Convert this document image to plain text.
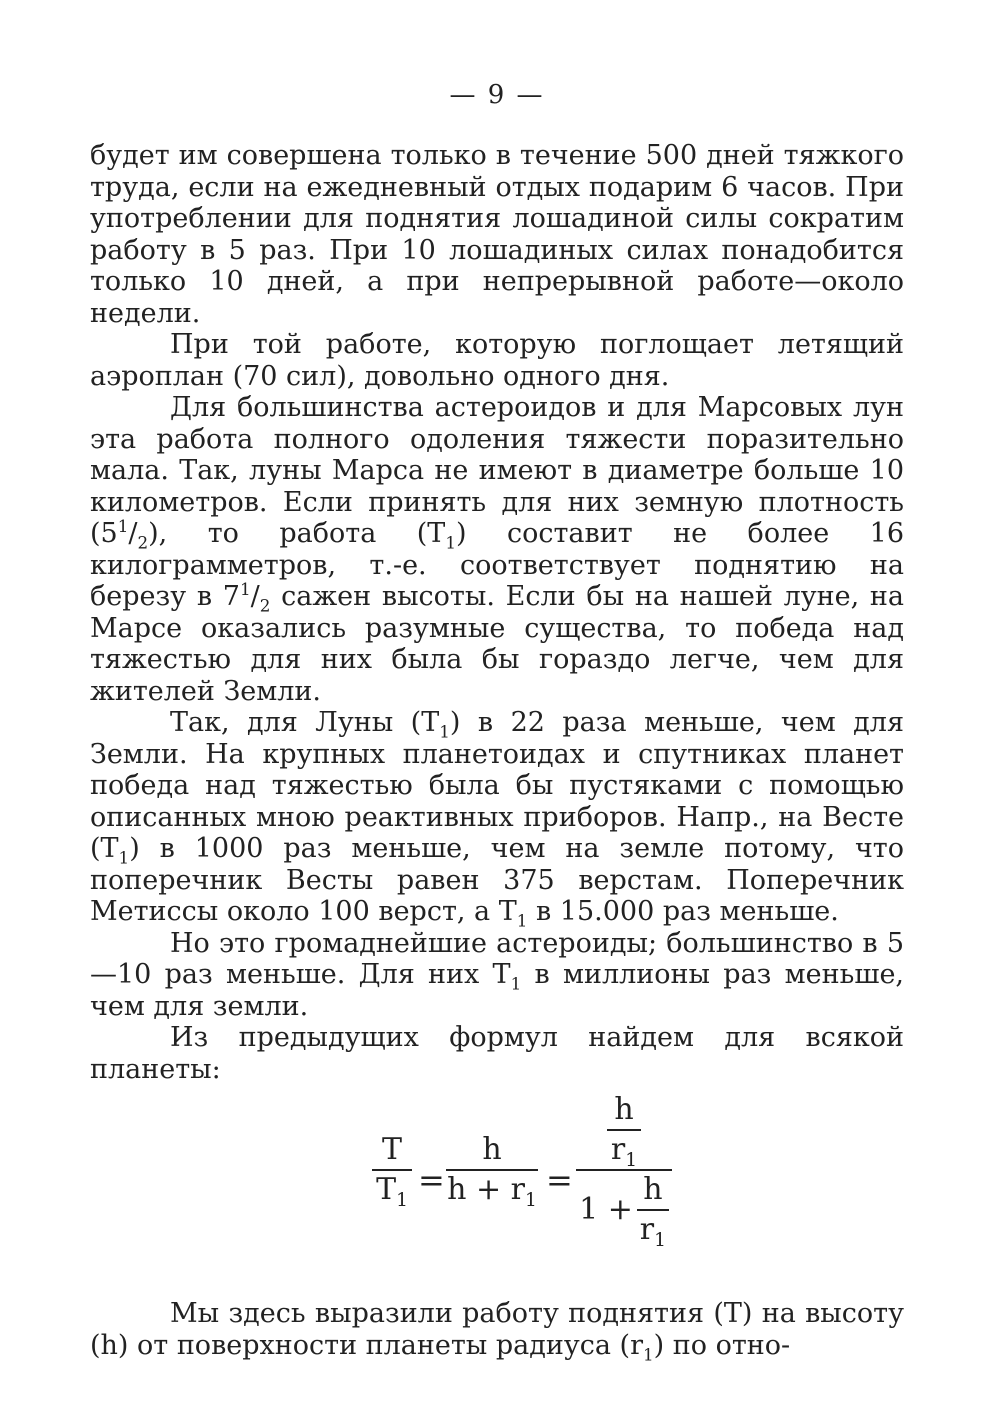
— 9 —

будет им совершена только в течение 500 дней тяжкого труда, если на ежедневный отдых подарим 6 часов. При употреблении для поднятия лошадиной силы сократим работу в 5 раз. При 10 лошадиных силах понадобится только 10 дней, а при непрерывной работе—около недели.

При той работе, которую поглощает летящий аэроплан (70 сил), довольно одного дня.

Для большинства астероидов и для Марсовых лун эта работа полного одоления тяжести поразительно мала. Так, луны Марса не имеют в диаметре больше 10 километров. Если принять для них земную плотность $(5^1/_2)$, то работа $(T_1)$ составит не более 16 килограмметров, т.-е. соответствует поднятию на березу в $7^1/_2$ сажен высоты. Если бы на нашей луне, на Марсе оказались разумные существа, то победа над тяжестью для них была бы гораздо легче, чем для жителей Земли.

Так, для Луны $(T_1)$ в 22 раза меньше, чем для Земли. На крупных планетоидах и спутниках планет победа над тяжестью была бы пустяками с помощью описанных мною реактивных приборов. Напр., на Весте $(T_1)$ в 1000 раз меньше, чем на земле потому, что поперечник Весты равен 375 верстам. Поперечник Метиссы около 100 верст, а $T_1$ в 15.000 раз меньше.

Но это громаднейшие астероиды; большинство в 5—10 раз меньше. Для них $T_1$ в миллионы раз меньше, чем для земли.

Из предыдущих формул найдем для всякой планеты:

T
$T_1$
=
h
$h + r_1$
=
h
$r_1$
$1 + \frac{h}{r_1}$

Мы здесь выразили работу поднятия (T) на высоту (h) от поверхности планеты радиуса $(r_1)$ по отно-
